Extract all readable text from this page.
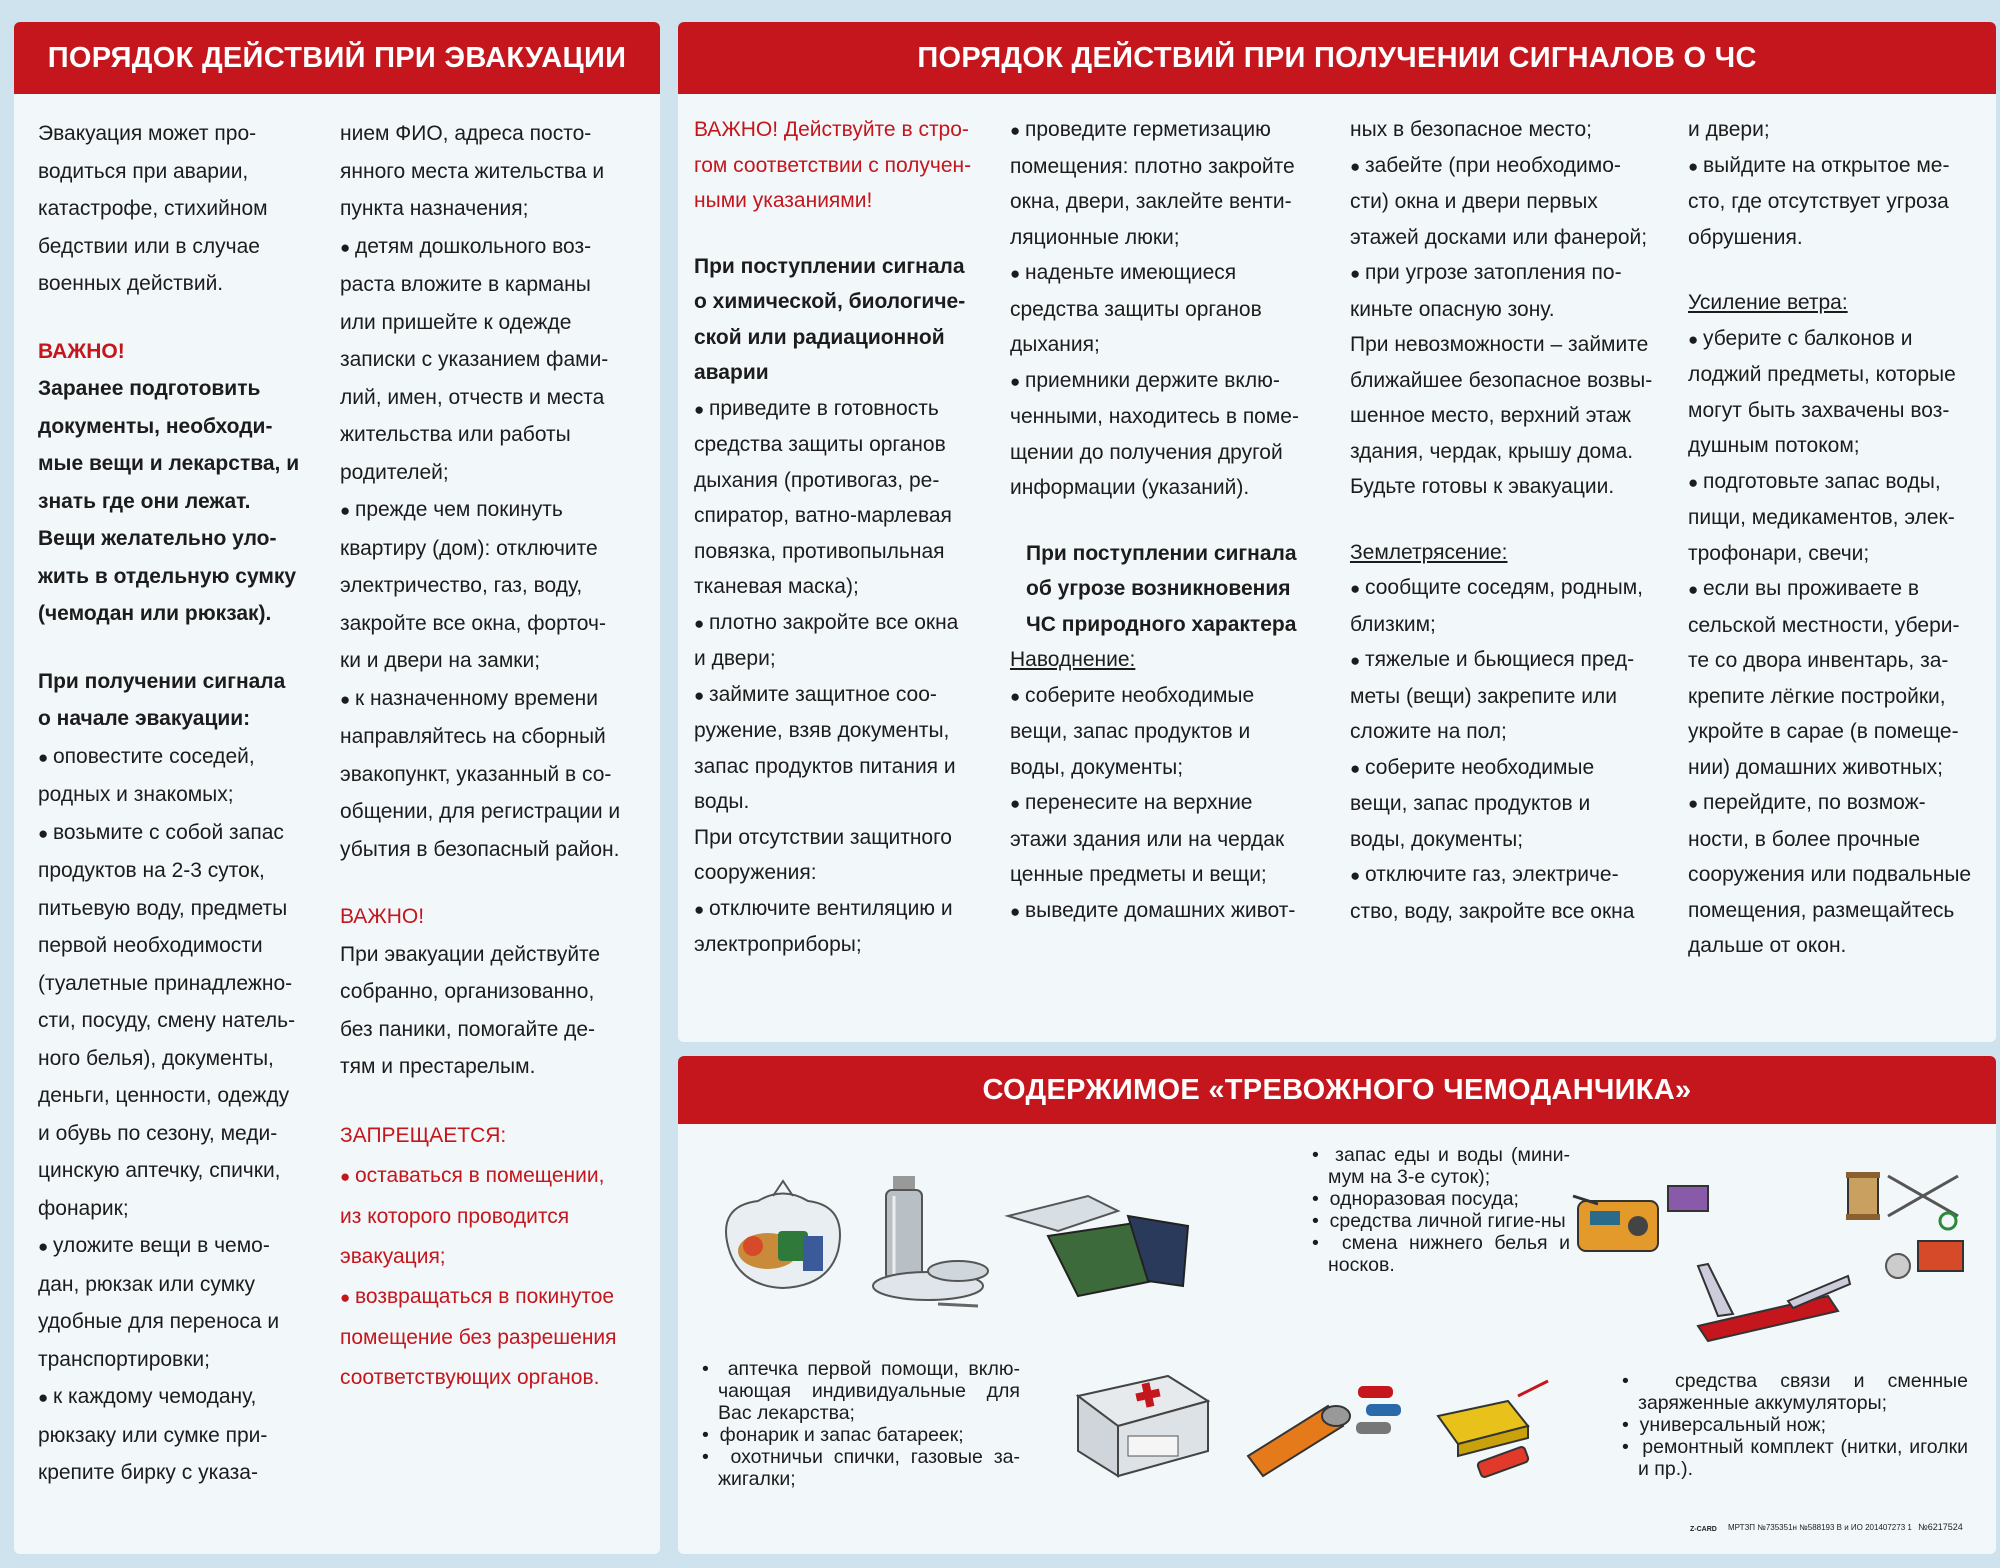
ПОРЯДОК ДЕЙСТВИЙ ПРИ ЭВАКУАЦИИ

Эвакуация может про-

водиться при аварии,

катастрофе, стихийном

бедствии или в случае

военных действий.

ВАЖНО!

Заранее подготовить

документы, необходи-

мые вещи и лекарства, и

знать где они лежат.

Вещи желательно уло-

жить в отдельную сумку

(чемодан или рюкзак).

При получении сигнала

о начале эвакуации:

● оповестите соседей,

родных и знакомых;

● возьмите с собой запас

продуктов на 2-3 суток,

питьевую воду, предметы

первой необходимости

(туалетные принадлежно-

сти, посуду, смену натель-

ного белья), документы,

деньги, ценности, одежду

и обувь по сезону, меди-

цинскую аптечку, спички,

фонарик;

● уложите вещи в чемо-

дан, рюкзак или сумку

удобные для переноса и

транспортировки;

● к каждому чемодану,

рюкзаку или сумке при-

крепите бирку с указа-

нием ФИО, адреса посто-

янного места жительства и

пункта назначения;

● детям дошкольного воз-

раста вложите в карманы

или пришейте к одежде

записки с указанием фами-

лий, имен, отчеств и места

жительства или работы

родителей;

● прежде чем покинуть

квартиру (дом): отключите

электричество, газ, воду,

закройте все окна, форточ-

ки и двери на замки;

● к назначенному времени

направляйтесь на сборный

эвакопункт, указанный в со-

общении, для регистрации и

убытия в безопасный район.

ВАЖНО!

При эвакуации действуйте

собранно, организованно,

без паники, помогайте де-

тям и престарелым.

ЗАПРЕЩАЕТСЯ:

● оставаться в помещении,

из которого проводится

эвакуация;

● возвращаться в покинутое

помещение без разрешения

соответствующих органов.

ПОРЯДОК ДЕЙСТВИЙ ПРИ ПОЛУЧЕНИИ СИГНАЛОВ О ЧС

ВАЖНО! Действуйте в стро-

гом соответствии с получен-

ными указаниями!

При поступлении сигнала

о химической, биологиче-

ской или радиационной

аварии

● приведите в готовность

средства защиты органов

дыхания (противогаз, ре-

спиратор, ватно-марлевая

повязка, противопыльная

тканевая маска);

● плотно закройте все окна

и двери;

● займите защитное соо-

ружение, взяв документы,

запас продуктов питания и

воды.

При отсутствии защитного

сооружения:

● отключите вентиляцию и

электроприборы;

● проведите герметизацию

помещения: плотно закройте

окна, двери, заклейте венти-

ляционные люки;

● наденьте имеющиеся

средства защиты органов

дыхания;

● приемники держите вклю-

ченными, находитесь в поме-

щении до получения другой

информации (указаний).

При поступлении сигнала

об угрозе возникновения

ЧС природного характера

Наводнение:

● соберите необходимые

вещи, запас продуктов и

воды, документы;

● перенесите на верхние

этажи здания или на чердак

ценные предметы и вещи;

● выведите домашних живот-

ных в безопасное место;

● забейте (при необходимо-

сти) окна и двери первых

этажей досками или фанерой;

● при угрозе затопления по-

киньте опасную зону.

При невозможности – займите

ближайшее безопасное возвы-

шенное место, верхний этаж

здания, чердак, крышу дома.

Будьте готовы к эвакуации.

Землетрясение:

● сообщите соседям, родным,

близким;

● тяжелые и бьющиеся пред-

меты (вещи) закрепите или

сложите на пол;

● соберите необходимые

вещи, запас продуктов и

воды, документы;

● отключите газ, электриче-

ство, воду, закройте все окна

и двери;

● выйдите на открытое ме-

сто, где отсутствует угроза

обрушения.

Усиление ветра:

● уберите с балконов и

лоджий предметы, которые

могут быть захвачены воз-

душным потоком;

● подготовьте запас воды,

пищи, медикаментов, элек-

трофонари, свечи;

● если вы проживаете в

сельской местности, убери-

те со двора инвентарь, за-

крепите лёгкие постройки,

укройте в сарае (в помеще-

нии) домашних животных;

● перейдите, по возмож-

ности, в более прочные

сооружения или подвальные

помещения, размещайтесь

дальше от окон.

СОДЕРЖИМОЕ «ТРЕВОЖНОГО ЧЕМОДАНЧИКА»
•  запас еды и воды (мини-мум на 3-е суток);
•  одноразовая посуда;
•  средства личной гигие-ны
•  смена нижнего белья и носков.
•  аптечка первой помощи, вклю-чающая индивидуальные для Вас лекарства;
•  фонарик и запас батареек;
•  охотничьи спички, газовые за-жигалки;
•  средства связи и сменные заряженные аккумуляторы;
•  универсальный нож;
•  ремонтный комплект (нитки, иголки и пр.).
Z-CARD МРТЗП №735351н №588193 В и ИО 201407273 1 №6217524
